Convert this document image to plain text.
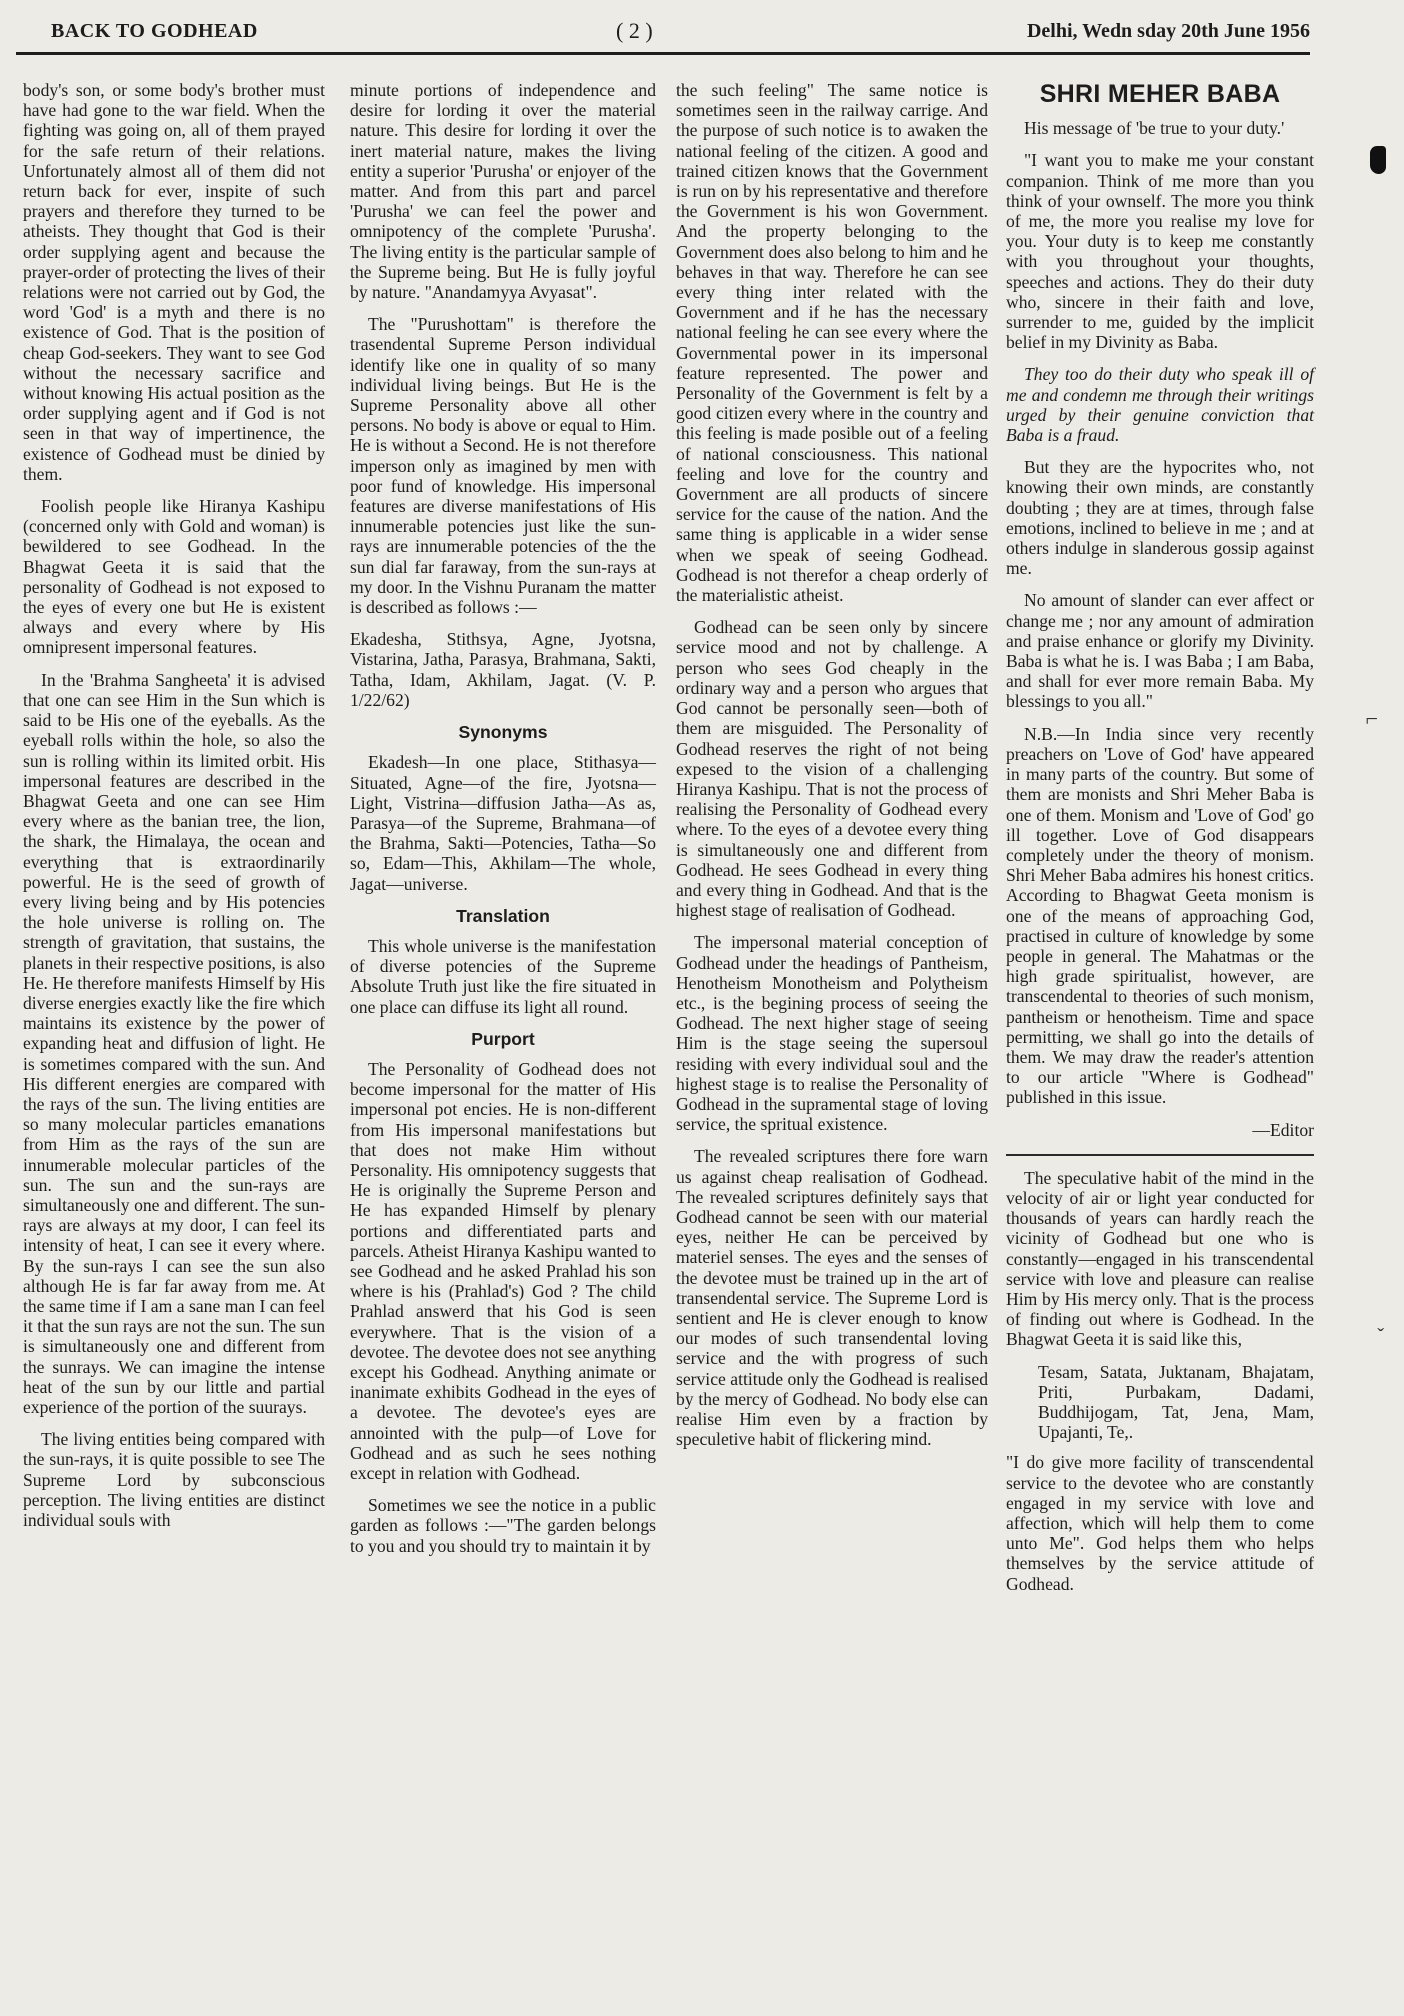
BACK TO GODHEAD	( 2 )	Delhi, Wedn sday 20th June 1956

body's son, or some body's brother must have had gone to the war field. When the fighting was going on, all of them prayed for the safe return of their relations. Unfortunately almost all of them did not return back for ever, inspite of such prayers and therefore they turned to be atheists. They thought that God is their order supplying agent and because the prayer-order of protecting the lives of their relations were not carried out by God, the word 'God' is a myth and there is no existence of God. That is the position of cheap God-seekers. They want to see God without the necessary sacrifice and without knowing His actual position as the order supplying agent and if God is not seen in that way of impertinence, the existence of Godhead must be dinied by them.

Foolish people like Hiranya Kashipu (concerned only with Gold and woman) is bewildered to see Godhead. In the Bhagwat Geeta it is said that the personality of Godhead is not exposed to the eyes of every one but He is existent always and every where by His omnipresent impersonal features.

In the 'Brahma Sangheeta' it is advised that one can see Him in the Sun which is said to be His one of the eyeballs. As the eyeball rolls within the hole, so also the sun is rolling within its limited orbit. His impersonal features are described in the Bhagwat Geeta and one can see Him every where as the banian tree, the lion, the shark, the Himalaya, the ocean and everything that is extraordinarily powerful. He is the seed of growth of every living being and by His potencies the hole universe is rolling on. The strength of gravitation, that sustains, the planets in their respective positions, is also He. He therefore manifests Himself by His diverse energies exactly like the fire which maintains its existence by the power of expanding heat and diffusion of light. He is sometimes compared with the sun. And His different energies are compared with the rays of the sun. The living entities are so many molecular particles emanations from Him as the rays of the sun are innumerable molecular particles of the sun. The sun and the sun-rays are simultaneously one and different. The sun-rays are always at my door, I can feel its intensity of heat, I can see it every where. By the sun-rays I can see the sun also although He is far far away from me. At the same time if I am a sane man I can feel it that the sun rays are not the sun. The sun is simultaneously one and different from the sunrays. We can imagine the intense heat of the sun by our little and partial experience of the portion of the suurays.

The living entities being compared with the sun-rays, it is quite possible to see The Supreme Lord by subconscious perception. The living entities are distinct individual souls with

minute portions of independence and desire for lording it over the material nature. This desire for lording it over the inert material nature, makes the living entity a superior 'Purusha' or enjoyer of the matter. And from this part and parcel 'Purusha' we can feel the power and omnipotency of the complete 'Purusha'. The living entity is the particular sample of the Supreme being. But He is fully joyful by nature. "Anandamyya Avyasat".

The "Purushottam" is therefore the trasendental Supreme Person individual identify like one in quality of so many individual living beings. But He is the Supreme Personality above all other persons. No body is above or equal to Him. He is without a Second. He is not therefore imperson only as imagined by men with poor fund of knowledge. His impersonal features are diverse manifestations of His innumerable potencies just like the sun-rays are innumerable potencies of the the sun dial far faraway, from the sun-rays at my door. In the Vishnu Puranam the matter is described as follows :—

Ekadesha, Stithsya, Agne, Jyotsna, Vistarina, Jatha, Parasya, Brahmana, Sakti, Tatha, Idam, Akhilam, Jagat. (V. P. 1/22/62)

Synonyms

Ekadesh—In one place, Stithasya—Situated, Agne—of the fire, Jyotsna—Light, Vistrina—diffusion Jatha—As as, Parasya—of the Supreme, Brahmana—of the Brahma, Sakti—Potencies, Tatha—So so, Edam—This, Akhilam—The whole, Jagat—universe.

Translation

This whole universe is the manifestation of diverse potencies of the Supreme Absolute Truth just like the fire situated in one place can diffuse its light all round.

Purport

The Personality of Godhead does not become impersonal for the matter of His impersonal pot encies. He is non-different from His impersonal manifestations but that does not make Him without Personality. His omnipotency suggests that He is originally the Supreme Person and He has expanded Himself by plenary portions and differentiated parts and parcels. Atheist Hiranya Kashipu wanted to see Godhead and he asked Prahlad his son where is his (Prahlad's) God ? The child Prahlad answerd that his God is seen everywhere. That is the vision of a devotee. The devotee does not see anything except his Godhead. Anything animate or inanimate exhibits Godhead in the eyes of a devotee. The devotee's eyes are annointed with the pulp—of Love for Godhead and as such he sees nothing except in relation with Godhead.

Sometimes we see the notice in a public garden as follows :—"The garden belongs to you and you should try to maintain it by

the such feeling" The same notice is sometimes seen in the railway carrige. And the purpose of such notice is to awaken the national feeling of the citizen. A good and trained citizen knows that the Government is run on by his representative and therefore the Government is his won Government. And the property belonging to the Government does also belong to him and he behaves in that way. Therefore he can see every thing inter related with the Government and if he has the necessary national feeling he can see every where the Governmental power in its impersonal feature represented. The power and Personality of the Government is felt by a good citizen every where in the country and this feeling is made posible out of a feeling of national consciousness. This national feeling and love for the country and Government are all products of sincere service for the cause of the nation. And the same thing is applicable in a wider sense when we speak of seeing Godhead. Godhead is not therefor a cheap orderly of the materialistic atheist.

Godhead can be seen only by sincere service mood and not by challenge. A person who sees God cheaply in the ordinary way and a person who argues that God cannot be personally seen—both of them are misguided. The Personality of Godhead reserves the right of not being expesed to the vision of a challenging Hiranya Kashipu. That is not the process of realising the Personality of Godhead every where. To the eyes of a devotee every thing is simultaneously one and different from Godhead. He sees Godhead in every thing and every thing in Godhead. And that is the highest stage of realisation of Godhead.

The impersonal material conception of Godhead under the headings of Pantheism, Henotheism Monotheism and Polytheism etc., is the begining process of seeing the Godhead. The next higher stage of seeing Him is the stage seeing the supersoul residing with every individual soul and the highest stage is to realise the Personality of Godhead in the supramental stage of loving service, the spritual existence.

The revealed scriptures there fore warn us against cheap realisation of Godhead. The revealed scriptures definitely says that Godhead cannot be seen with our material eyes, neither He can be perceived by materiel senses. The eyes and the senses of the devotee must be trained up in the art of transendental service. The Supreme Lord is sentient and He is clever enough to know our modes of such transendental loving service and the with progress of such service attitude only the Godhead is realised by the mercy of Godhead. No body else can realise Him even by a fraction by speculetive habit of flickering mind.

SHRI MEHER BABA

His message of 'be true to your duty.'

"I want you to make me your constant companion. Think of me more than you think of your ownself. The more you think of me, the more you realise my love for you. Your duty is to keep me constantly with you throughout your thoughts, speeches and actions. They do their duty who, sincere in their faith and love, surrender to me, guided by the implicit belief in my Divinity as Baba.

They too do their duty who speak ill of me and condemn me through their writings urged by their genuine conviction that Baba is a fraud.

But they are the hypocrites who, not knowing their own minds, are constantly doubting ; they are at times, through false emotions, inclined to believe in me ; and at others indulge in slanderous gossip against me.

No amount of slander can ever affect or change me ; nor any amount of admiration and praise enhance or glorify my Divinity. Baba is what he is. I was Baba ; I am Baba, and shall for ever more remain Baba. My blessings to you all."

N.B.—In India since very recently preachers on 'Love of God' have appeared in many parts of the country. But some of them are monists and Shri Meher Baba is one of them. Monism and 'Love of God' go ill together. Love of God disappears completely under the theory of monism. Shri Meher Baba admires his honest critics. According to Bhagwat Geeta monism is one of the means of approaching God, practised in culture of knowledge by some people in general. The Mahatmas or the high grade spiritualist, however, are transcendental to theories of such monism, pantheism or henotheism. Time and space permitting, we shall go into the details of them. We may draw the reader's attention to our article "Where is Godhead" published in this issue.

—Editor

The speculative habit of the mind in the velocity of air or light year conducted for thousands of years can hardly reach the vicinity of Godhead but one who is constantly—engaged in his transcendental service with love and pleasure can realise Him by His mercy only. That is the process of finding out where is Godhead. In the Bhagwat Geeta it is said like this,

Tesam, Satata, Juktanam, Bhajatam, Priti, Purbakam, Dadami, Buddhijogam, Tat, Jena, Mam, Upajanti, Te,.

"I do give more facility of transcendental service to the devotee who are constantly engaged in my service with love and affection, which will help them to come unto Me". God helps them who helps themselves by the service attitude of Godhead.

⌐
ˇ
